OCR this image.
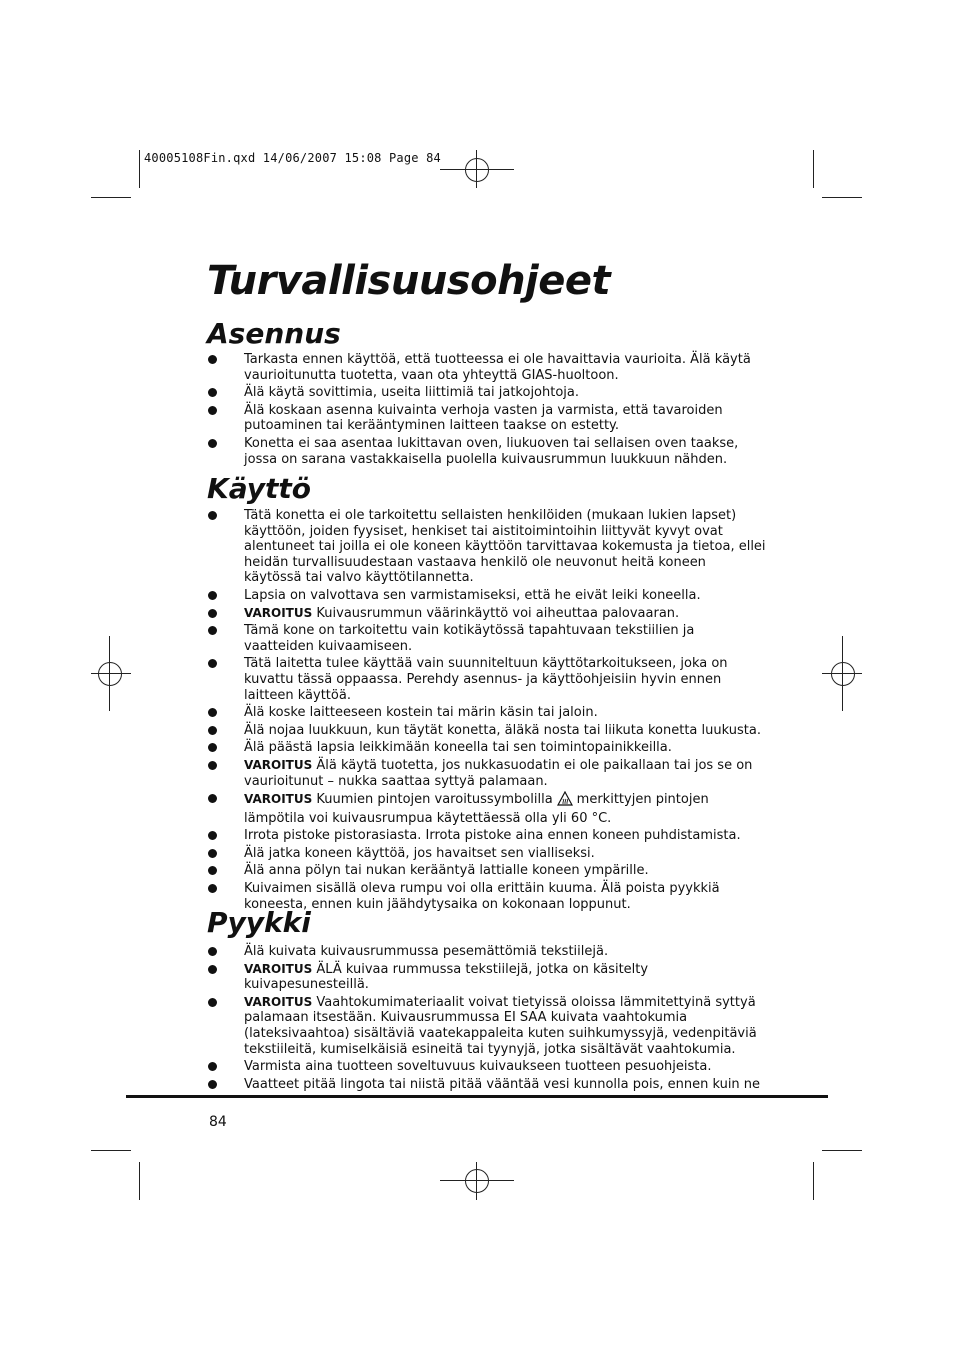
40005108Fin.qxd 14/06/2007 15:08 Page 84
Turvallisuusohjeet
Asennus
Tarkasta ennen käyttöä, että tuotteessa ei ole havaittavia vaurioita. Älä käytä vaurioitunutta tuotetta, vaan ota yhteyttä GIAS-huoltoon.
Älä käytä sovittimia, useita liittimiä tai jatkojohtoja.
Älä koskaan asenna kuivainta verhoja vasten ja varmista, että tavaroiden putoaminen tai kerääntyminen laitteen taakse on estetty.
Konetta ei saa asentaa lukittavan oven, liukuoven tai sellaisen oven taakse, jossa on sarana vastakkaisella puolella kuivausrummun luukkuun nähden.
Käyttö
Tätä konetta ei ole tarkoitettu sellaisten henkilöiden (mukaan lukien lapset) käyttöön, joiden fyysiset, henkiset tai aistitoimintoihin liittyvät kyvyt ovat alentuneet tai joilla ei ole koneen käyttöön tarvittavaa kokemusta ja tietoa, ellei heidän turvallisuudestaan vastaava henkilö ole neuvonut heitä koneen käytössä tai valvo käyttötilannetta.
Lapsia on valvottava sen varmistamiseksi, että he eivät leiki koneella.
VAROITUS Kuivausrummun väärinkäyttö voi aiheuttaa palovaaran.
Tämä kone on tarkoitettu vain kotikäytössä tapahtuvaan tekstiilien ja vaatteiden kuivaamiseen.
Tätä laitetta tulee käyttää vain suunniteltuun käyttötarkoitukseen, joka on kuvattu tässä oppaassa. Perehdy asennus- ja käyttöohjeisiin hyvin ennen laitteen käyttöä.
Älä koske laitteeseen kostein tai märin käsin tai jaloin.
Älä nojaa luukkuun, kun täytät konetta, äläkä nosta tai liikuta konetta luukusta.
Älä päästä lapsia leikkimään koneella tai sen toimintopainikkeilla.
VAROITUS Älä käytä tuotetta, jos nukkasuodatin ei ole paikallaan tai jos se on vaurioitunut – nukka saattaa syttyä palamaan.
VAROITUS Kuumien pintojen varoitussymbolilla merkittyjen pintojen lämpötila voi kuivausrumpua käytettäessä olla yli 60 °C.
Irrota pistoke pistorasiasta. Irrota pistoke aina ennen koneen puhdistamista.
Älä jatka koneen käyttöä, jos havaitset sen vialliseksi.
Älä anna pölyn tai nukan kerääntyä lattialle koneen ympärille.
Kuivaimen sisällä oleva rumpu voi olla erittäin kuuma. Älä poista pyykkiä koneesta, ennen kuin jäähdytysaika on kokonaan loppunut.
Pyykki
Älä kuivata kuivausrummussa pesemättömiä tekstiilejä.
VAROITUS ÄLÄ kuivaa rummussa tekstiilejä, jotka on käsitelty kuivapesunesteillä.
VAROITUS Vaahtokumimateriaalit voivat tietyissä oloissa lämmitettyinä syttyä palamaan itsestään. Kuivausrummussa EI SAA kuivata vaahtokumia (lateksivaahtoa) sisältäviä vaatekappaleita kuten suihkumyssyjä, vedenpitäviä tekstiileitä, kumiselkäisiä esineitä tai tyynyjä, jotka sisältävät vaahtokumia.
Varmista aina tuotteen soveltuvuus kuivaukseen tuotteen pesuohjeista.
Vaatteet pitää lingota tai niistä pitää vääntää vesi kunnolla pois, ennen kuin ne
84
